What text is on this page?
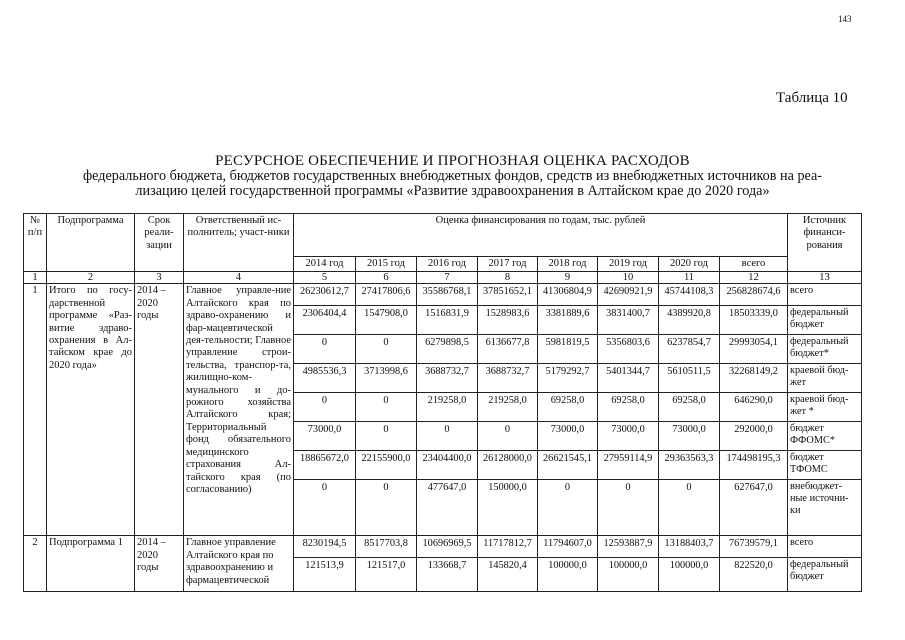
143
Таблица 10
РЕСУРСНОЕ ОБЕСПЕЧЕНИЕ И ПРОГНОЗНАЯ ОЦЕНКА РАСХОДОВ
федерального бюджета, бюджетов государственных внебюджетных фондов, средств из внебюджетных источников на реа-
лизацию целей государственной программы «Развитие здравоохранения в Алтайском крае до 2020 года»
№ п/п	Подпрограмма	Срок реали-зации	Ответственный ис-полнитель; участ-ники	Оценка финансирования по годам, тыс. рублей								Источник финанси-рования
				2014 год	2015 год	2016 год	2017 год	2018 год	2019 год	2020 год	всего	
1	2	3	4	5	6	7	8	9	10	11	12	13
1	Итого по госу-дарственной программе «Раз-витие здраво-охранения в Ал-тайском крае до 2020 года»	2014 – 2020 годы	Главное управле-ние Алтайского края по здраво-охранению и фар-мацевтической дея-тельности; Главное управление строи-тельства, транспор-та, жилищно-ком-мунального и до-рожного хозяйства Алтайского края; Территориальный фонд обязательного медицинского страхования Ал-тайского края (по согласованию)	26230612,7	27417806,6	35586768,1	37851652,1	41306804,9	42690921,9	45744108,3	256828674,6	всего
				2306404,4	1547908,0	1516831,9	1528983,6	3381889,6	3831400,7	4389920,8	18503339,0	федеральный бюджет
				0	0	6279898,5	6136677,8	5981819,5	5356803,6	6237854,7	29993054,1	федеральный бюджет*
				4985536,3	3713998,6	3688732,7	3688732,7	5179292,7	5401344,7	5610511,5	32268149,2	краевой бюд-жет
				0	0	219258,0	219258,0	69258,0	69258,0	69258,0	646290,0	краевой бюд-жет *
				73000,0	0	0	0	73000,0	73000,0	73000,0	292000,0	бюджет ФФОМС*
				18865672,0	22155900,0	23404400,0	26128000,0	26621545,1	27959114,9	29363563,3	174498195,3	бюджет ТФОМС
				0	0	477647,0	150000,0	0	0	0	627647,0	внебюджет-ные источни-ки
2	Подпрограмма 1	2014 – 2020 годы	Главное управление Алтайского края по здравоохранению и фармацевтической	8230194,5	8517703,8	10696969,5	11717812,7	11794607,0	12593887,9	13188403,7	76739579,1	всего
				121513,9	121517,0	133668,7	145820,4	100000,0	100000,0	100000,0	822520,0	федеральный бюджет
